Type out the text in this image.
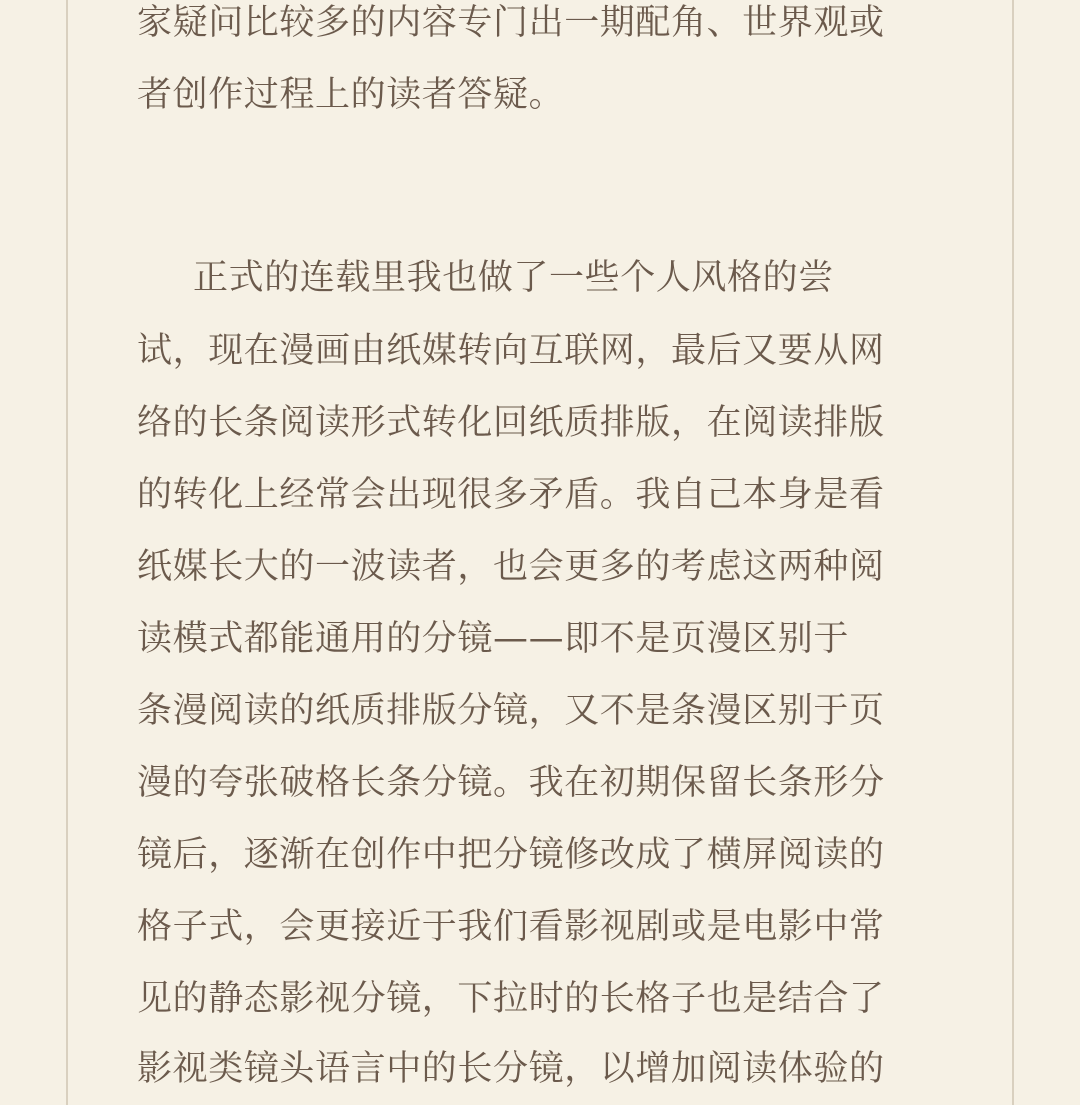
家疑问比较多的内容专门出一期配角、世界观或
者创作过程上的读者答疑。
正式的连载里我也做了一些个人风格的尝
试，现在漫画由纸媒转向互联网，最后又要从网
络的长条阅读形式转化回纸质排版，在阅读排版
的转化上经常会出现很多矛盾。我自己本身是看
纸媒长大的一波读者，也会更多的考虑这两种阅
读模式都能通用的分镜——即不是页漫区别于
条漫阅读的纸质排版分镜，又不是条漫区别于页
漫的夸张破格长条分镜。我在初期保留长条形分
镜后，逐渐在创作中把分镜修改成了横屏阅读的
格子式，会更接近于我们看影视剧或是电影中常
见的静态影视分镜，下拉时的长格子也是结合了
影视类镜头语言中的长分镜，以增加阅读体验的
